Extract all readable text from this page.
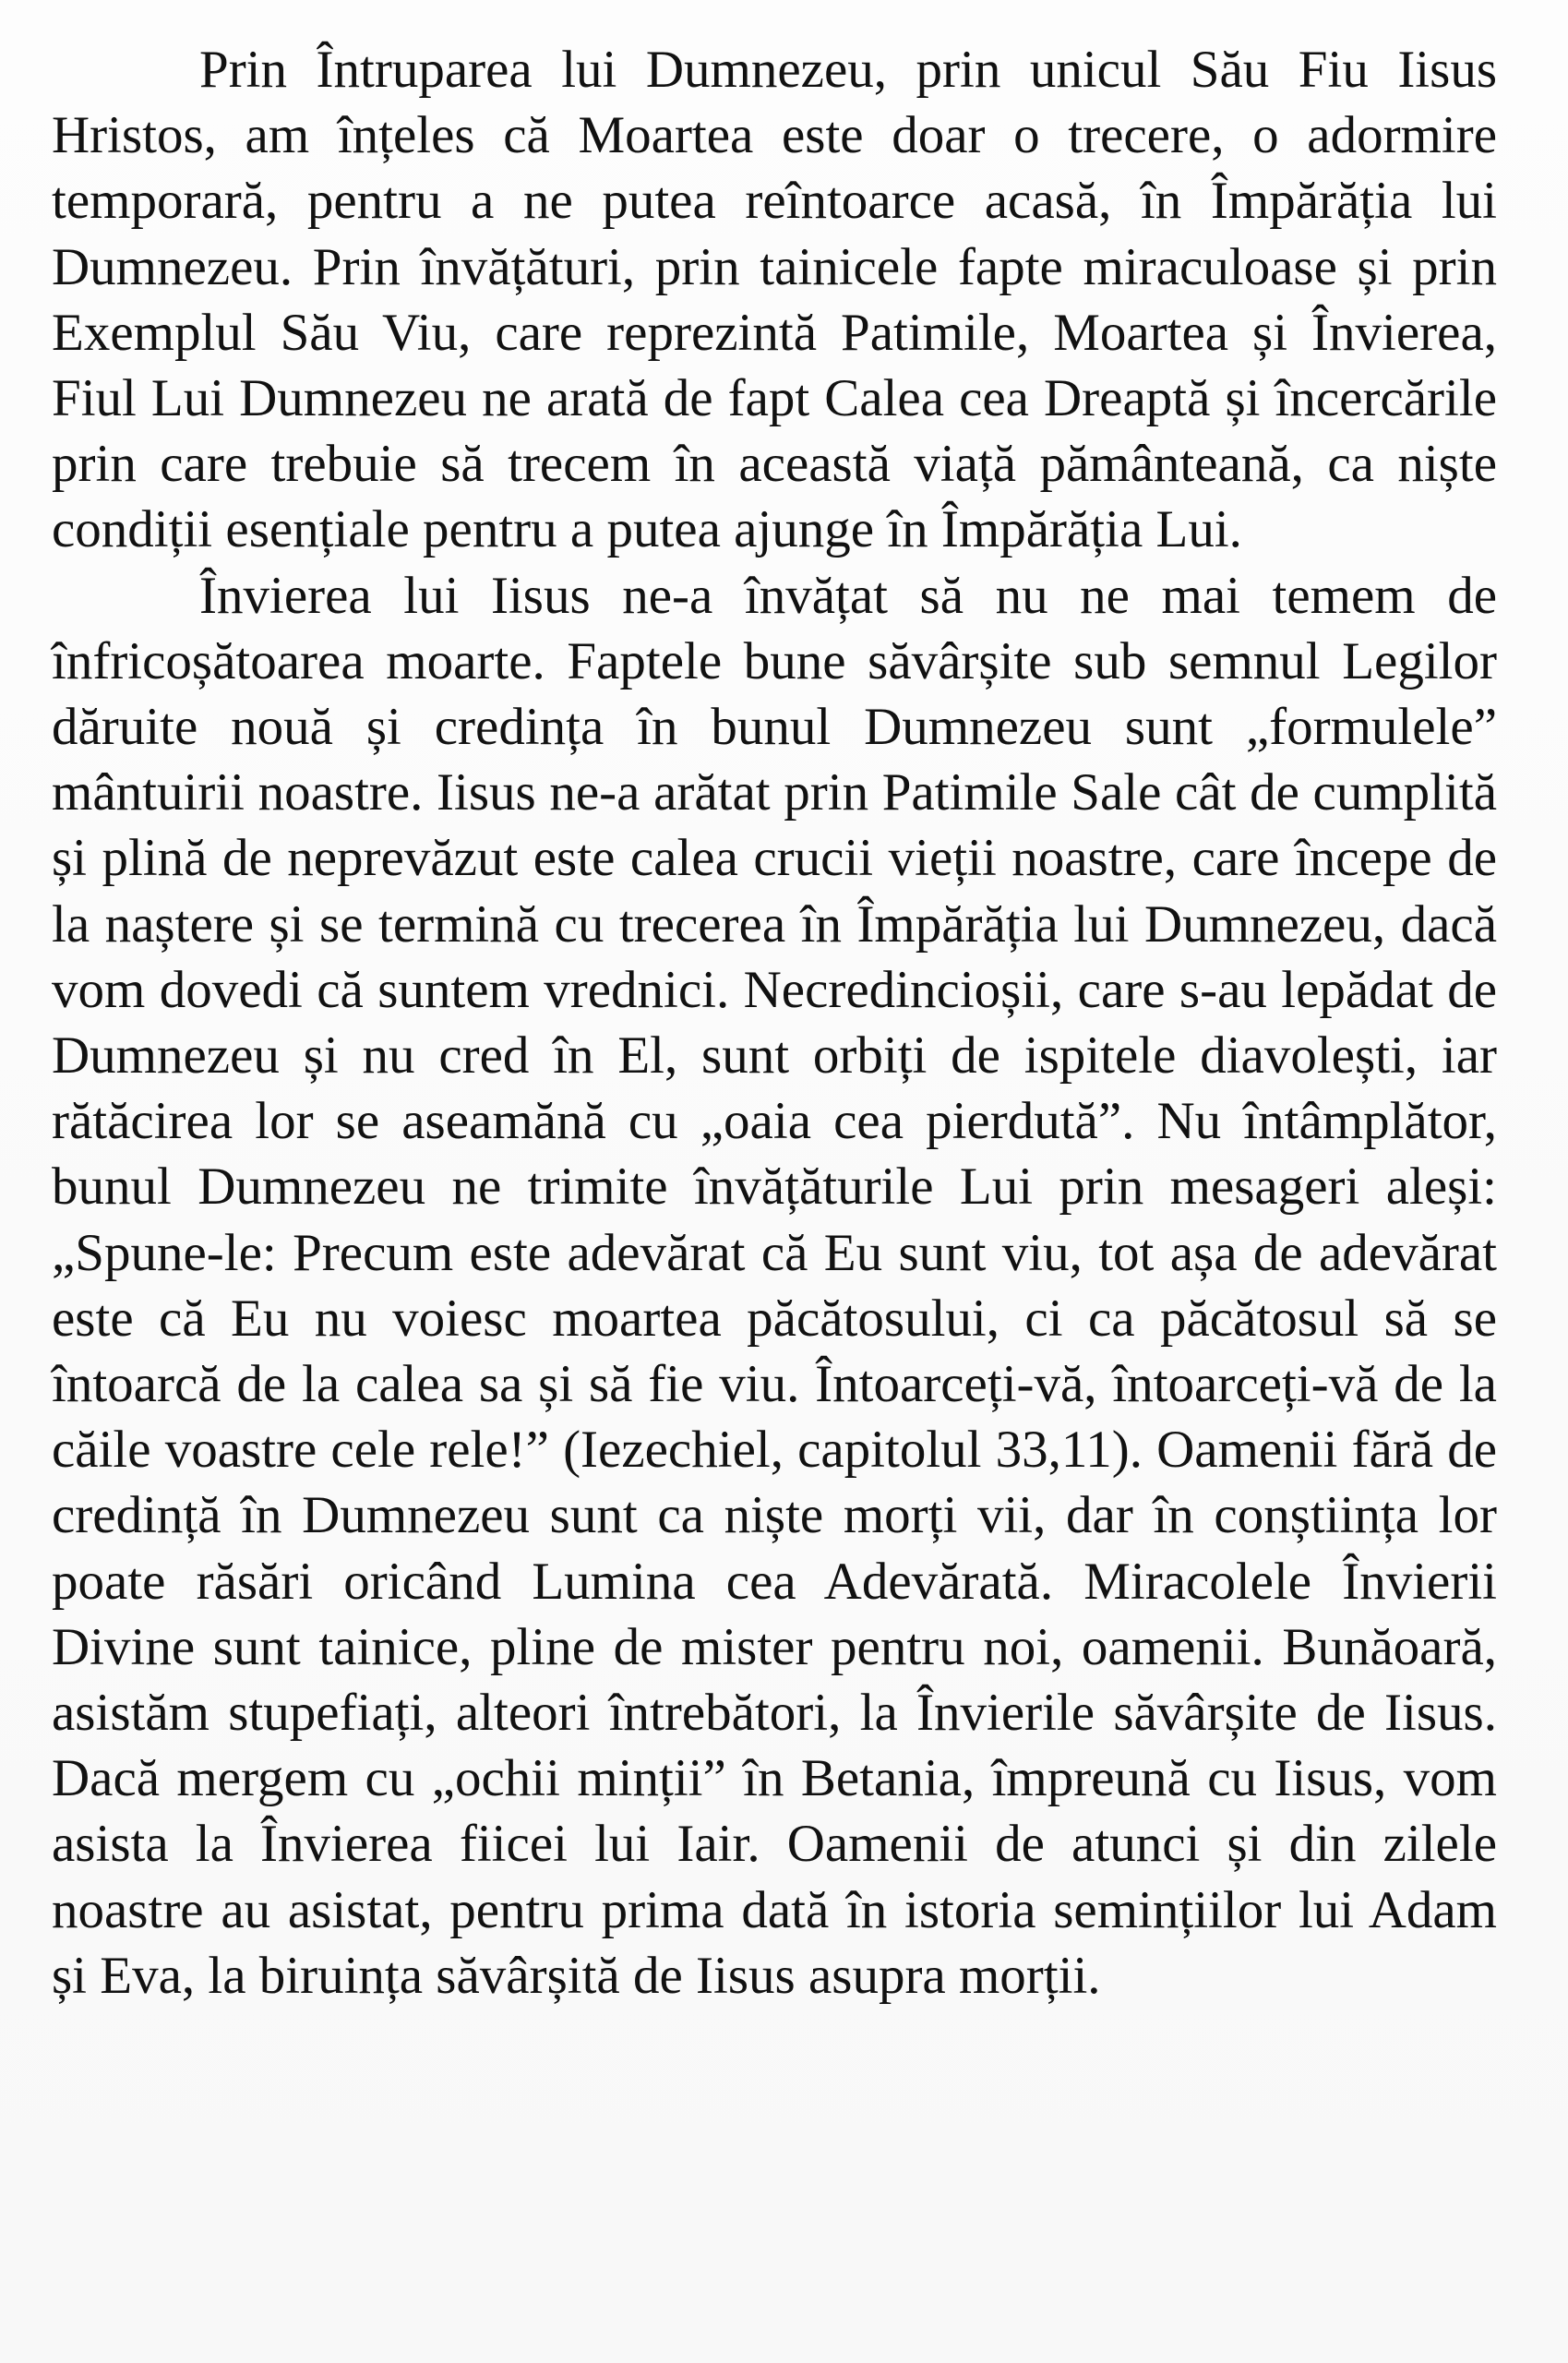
Prin Întruparea lui Dumnezeu, prin unicul Său Fiu Iisus Hristos, am înțeles că Moartea este doar o trecere, o adormire temporară, pentru a ne putea reîntoarce acasă, în Împărăția lui Dumnezeu. Prin învățături, prin tainicele fapte miraculoase și prin Exemplul Său Viu, care reprezintă Patimile, Moartea și Învierea, Fiul Lui Dumnezeu ne arată de fapt Calea cea Dreaptă și încercările prin care trebuie să trecem în această viață pământeană, ca niște condiții esențiale pentru a putea ajunge în Împărăția Lui.

Învierea lui Iisus ne-a învățat să nu ne mai temem de înfricoșătoarea moarte. Faptele bune săvârșite sub semnul Legilor dăruite nouă și credința în bunul Dumnezeu sunt „formulele” mântuirii noastre. Iisus ne-a arătat prin Patimile Sale cât de cumplită și plină de neprevăzut este calea crucii vieții noastre, care începe de la naștere și se termină cu trecerea în Împărăția lui Dumnezeu, dacă vom dovedi că suntem vrednici. Necredincioșii, care s-au lepădat de Dumnezeu și nu cred în El, sunt orbiți de ispitele diavolești, iar rătăcirea lor se aseamănă cu „oaia cea pierdută”. Nu întâmplător, bunul Dumnezeu ne trimite învățăturile Lui prin mesageri aleși: „Spune-le: Precum este adevărat că Eu sunt viu, tot așa de adevărat este că Eu nu voiesc moartea păcătosului, ci ca păcătosul să se întoarcă de la calea sa și să fie viu. Întoarceți-vă, întoarceți-vă de la căile voastre cele rele!” (Iezechiel, capitolul 33,11). Oamenii fără de credință în Dumnezeu sunt ca niște morți vii, dar în conștiința lor poate răsări oricând Lumina cea Adevărată. Miracolele Învierii Divine sunt tainice, pline de mister pentru noi, oamenii. Bunăoară, asistăm stupefiați, alteori întrebători, la Învierile săvârșite de Iisus. Dacă mergem cu „ochii minții” în Betania, împreună cu Iisus, vom asista la Învierea fiicei lui Iair. Oamenii de atunci și din zilele noastre au asistat, pentru prima dată în istoria semințiilor lui Adam și Eva, la biruința săvârșită de Iisus asupra morții.
